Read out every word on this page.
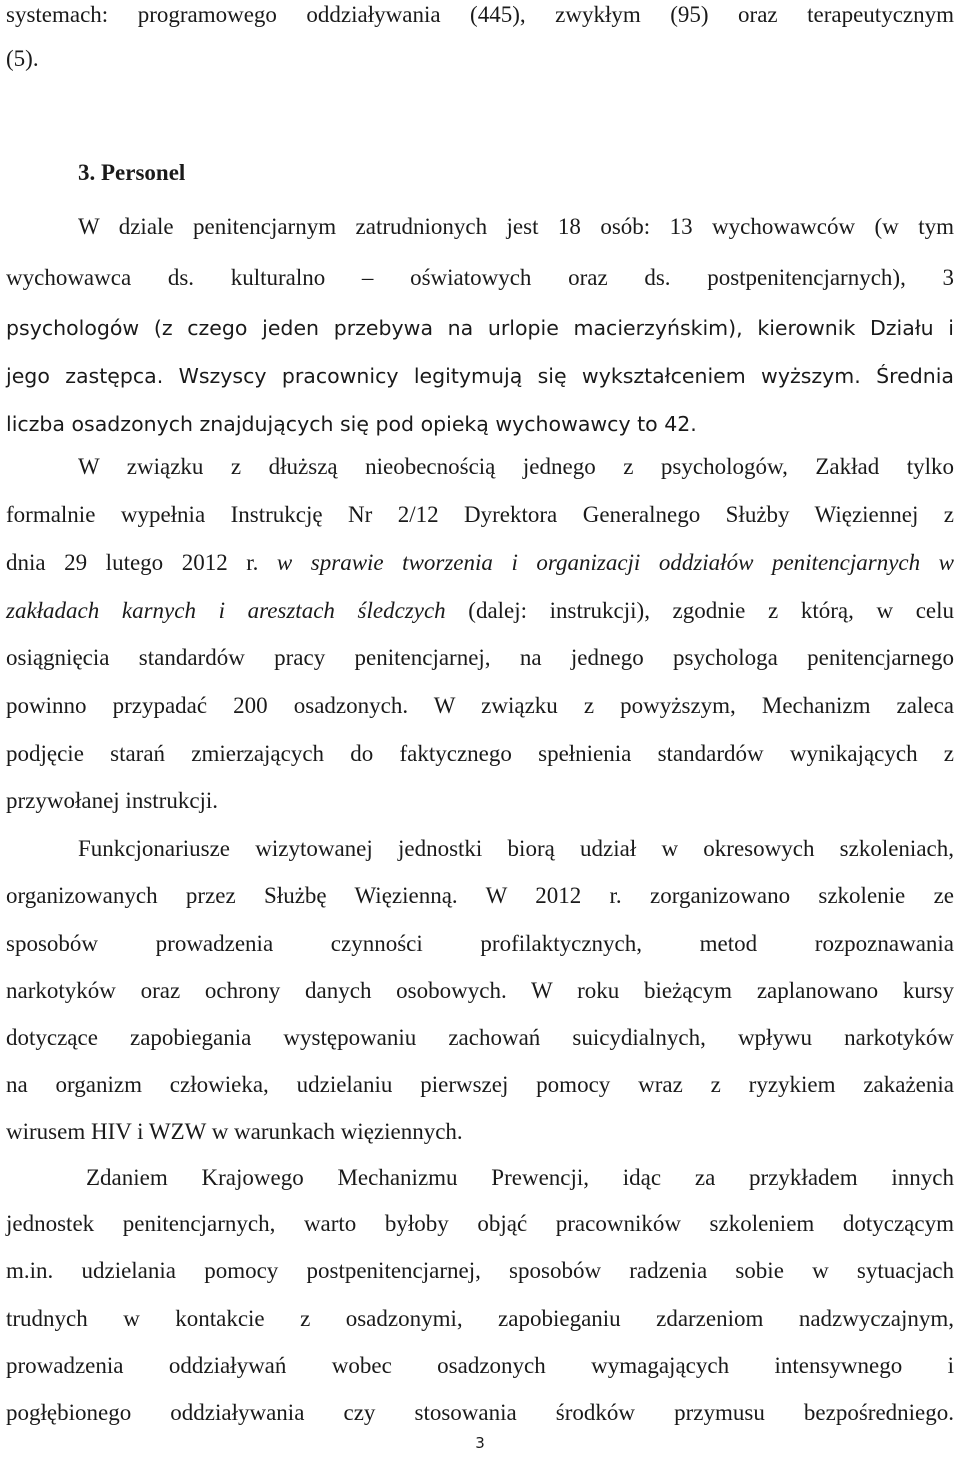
systemach: programowego oddziaływania (445), zwykłym (95) oraz terapeutycznym
(5).
3. Personel
W dziale penitencjarnym zatrudnionych jest 18 osób: 13 wychowawców (w tym
wychowawca ds. kulturalno – oświatowych oraz ds. postpenitencjarnych), 3
psychologów (z czego jeden przebywa na urlopie macierzyńskim), kierownik Działu i
jego zastępca. Wszyscy pracownicy legitymują się wykształceniem wyższym. Średnia
liczba osadzonych znajdujących się pod opieką wychowawcy to 42.
W związku z dłuższą nieobecnością jednego z psychologów, Zakład tylko
formalnie wypełnia Instrukcję Nr 2/12 Dyrektora Generalnego Służby Więziennej z
dnia 29 lutego 2012 r. w sprawie tworzenia i organizacji oddziałów penitencjarnych w
zakładach karnych i aresztach śledczych (dalej: instrukcji), zgodnie z którą, w celu
osiągnięcia standardów pracy penitencjarnej, na jednego psychologa penitencjarnego
powinno przypadać 200 osadzonych. W związku z powyższym, Mechanizm zaleca
podjęcie starań zmierzających do faktycznego spełnienia standardów wynikających z
przywołanej instrukcji.
Funkcjonariusze wizytowanej jednostki biorą udział w okresowych szkoleniach,
organizowanych przez Służbę Więzienną. W 2012 r. zorganizowano szkolenie ze
sposobów prowadzenia czynności profilaktycznych, metod rozpoznawania
narkotyków oraz ochrony danych osobowych. W roku bieżącym zaplanowano kursy
dotyczące zapobiegania występowaniu zachowań suicydialnych, wpływu narkotyków
na organizm człowieka, udzielaniu pierwszej pomocy wraz z ryzykiem zakażenia
wirusem HIV i WZW w warunkach więziennych.
Zdaniem Krajowego Mechanizmu Prewencji, idąc za przykładem innych
jednostek penitencjarnych, warto byłoby objąć pracowników szkoleniem dotyczącym
m.in. udzielania pomocy postpenitencjarnej, sposobów radzenia sobie w sytuacjach
trudnych w kontakcie z osadzonymi, zapobieganiu zdarzeniom nadzwyczajnym,
prowadzenia oddziaływań wobec osadzonych wymagających intensywnego i
pogłębionego oddziaływania czy stosowania środków przymusu bezpośredniego.
3
